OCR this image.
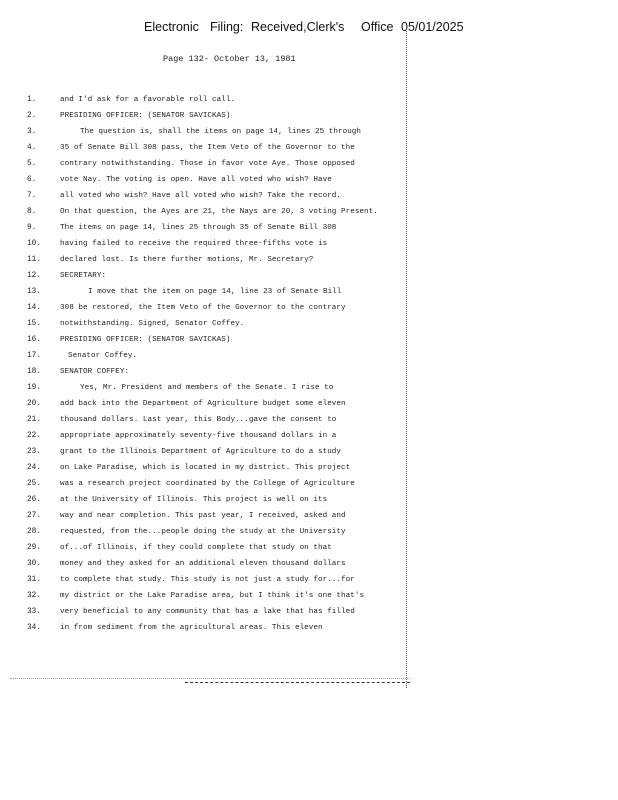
Electronic Filing: Received,Clerk's Office 05/01/2025
Page 132- October 13, 1981
1.	and I'd ask for a favorable roll call.
2.	PRESIDING OFFICER: (SENATOR SAVICKAS)
3.	The question is, shall the items on page 14, lines 25 through
4.	35 of Senate Bill 308 pass, the Item Veto of the Governor to the
5.	contrary notwithstanding. Those in favor vote Aye. Those opposed
6.	vote Nay. The voting is open. Have all voted who wish? Have
7.	all voted who wish? Have all voted who wish? Take the record.
8.	On that question, the Ayes are 21, the Nays are 20, 3 voting Present.
9.	The items on page 14, lines 25 through 35 of Senate Bill 308
10.	having failed to receive the required three-fifths vote is
11.	declared lost. Is there further motions, Mr. Secretary?
12.	SECRETARY:
13.	I move that the item on page 14, line 23 of Senate Bill
14.	308 be restored, the Item Veto of the Governor to the contrary
15.	notwithstanding. Signed, Senator Coffey.
16.	PRESIDING OFFICER: (SENATOR SAVICKAS)
17.	Senator Coffey.
18.	SENATOR COFFEY:
19.	Yes, Mr. President and members of the Senate. I rise to
20.	add back into the Department of Agriculture budget some eleven
21.	thousand dollars. Last year, this Body...gave the consent to
22.	appropriate approximately seventy-five thousand dollars in a
23.	grant to the Illinois Department of Agriculture to do a study
24.	on Lake Paradise, which is located in my district. This project
25.	was a research project coordinated by the College of Agriculture
26.	at the University of Illinois. This project is well on its
27.	way and near completion. This past year, I received, asked and
28.	requested, from the...people doing the study at the University
29.	of...of Illinois, if they could complete that study on that
30.	money and they asked for an additional eleven thousand dollars
31.	to complete that study. This study is not just a study for...for
32.	my district or the Lake Paradise area, but I think it's one that's
33.	very beneficial to any community that has a lake that has filled
34.	in from sediment from the agricultural areas. This eleven
